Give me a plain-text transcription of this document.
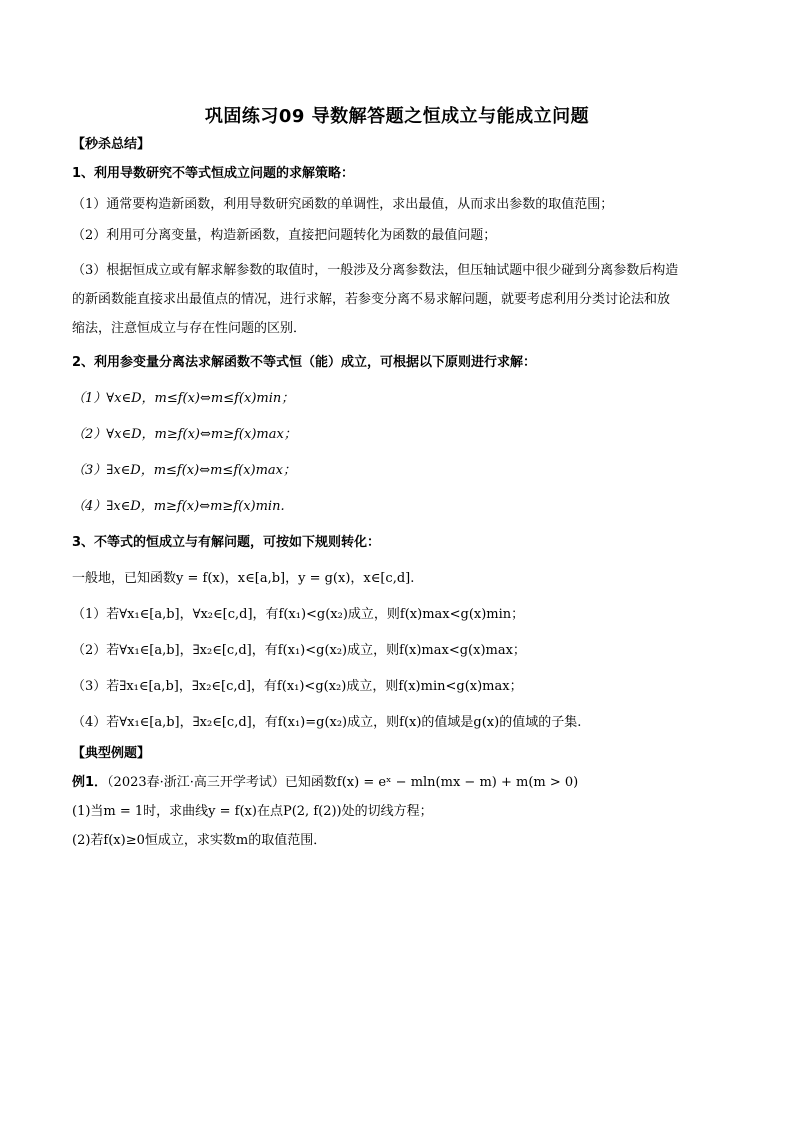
巩固练习09 导数解答题之恒成立与能成立问题

【秒杀总结】

1、利用导数研究不等式恒成立问题的求解策略：

（1）通常要构造新函数，利用导数研究函数的单调性，求出最值，从而求出参数的取值范围；

（2）利用可分离变量，构造新函数，直接把问题转化为函数的最值问题；

（3）根据恒成立或有解求解参数的取值时，一般涉及分离参数法，但压轴试题中很少碰到分离参数后构造

的新函数能直接求出最值点的情况，进行求解，若参变分离不易求解问题，就要考虑利用分类讨论法和放

缩法，注意恒成立与存在性问题的区别．

2、利用参变量分离法求解函数不等式恒（能）成立，可根据以下原则进行求解：

（1）∀x∈D，m≤f(x)⇔m≤f(x)min；

（2）∀x∈D，m≥f(x)⇔m≥f(x)max；

（3）∃x∈D，m≤f(x)⇔m≤f(x)max；

（4）∃x∈D，m≥f(x)⇔m≥f(x)min.

3、不等式的恒成立与有解问题，可按如下规则转化：

一般地，已知函数y = f(x)，x∈[a,b]，y = g(x)，x∈[c,d].

（1）若∀x₁∈[a,b]，∀x₂∈[c,d]，有f(x₁)<g(x₂)成立，则f(x)max<g(x)min；

（2）若∀x₁∈[a,b]，∃x₂∈[c,d]，有f(x₁)<g(x₂)成立，则f(x)max<g(x)max；

（3）若∃x₁∈[a,b]，∃x₂∈[c,d]，有f(x₁)<g(x₂)成立，则f(x)min<g(x)max；

（4）若∀x₁∈[a,b]，∃x₂∈[c,d]，有f(x₁)=g(x₂)成立，则f(x)的值域是g(x)的值域的子集.

【典型例题】

例1．（2023春·浙江·高三开学考试）已知函数f(x) = eˣ − mln(mx − m) + m(m > 0)

(1)当m = 1时，求曲线y = f(x)在点P(2, f(2))处的切线方程；

(2)若f(x)≥0恒成立，求实数m的取值范围．
